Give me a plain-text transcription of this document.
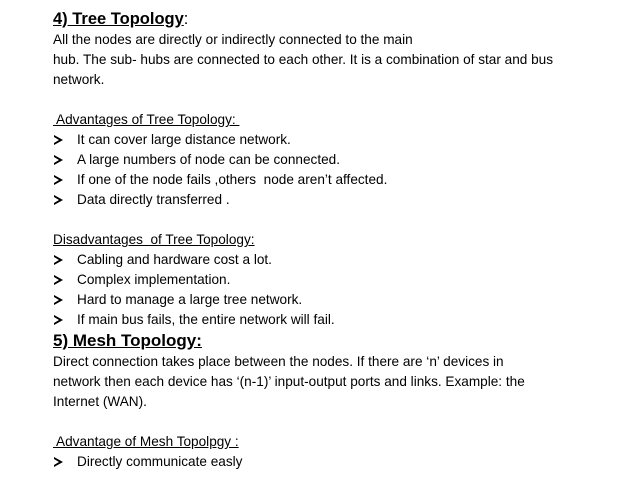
4) Tree Topology:
All the nodes are directly or indirectly connected to the main
hub. The sub- hubs are connected to each other. It is a combination of star and bus
network.
Advantages of Tree Topology:
It can cover large distance network.
A large numbers of node can be connected.
If one of the node fails ,others  node aren’t affected.
Data directly transferred .
Disadvantages  of Tree Topology:
Cabling and hardware cost a lot.
Complex implementation.
Hard to manage a large tree network.
If main bus fails, the entire network will fail.
5) Mesh Topology:
Direct connection takes place between the nodes. If there are ‘n’ devices in
network then each device has ‘(n-1)’ input-output ports and links. Example: the
Internet (WAN).
Advantage of Mesh Topolpgy :
Directly communicate easly
